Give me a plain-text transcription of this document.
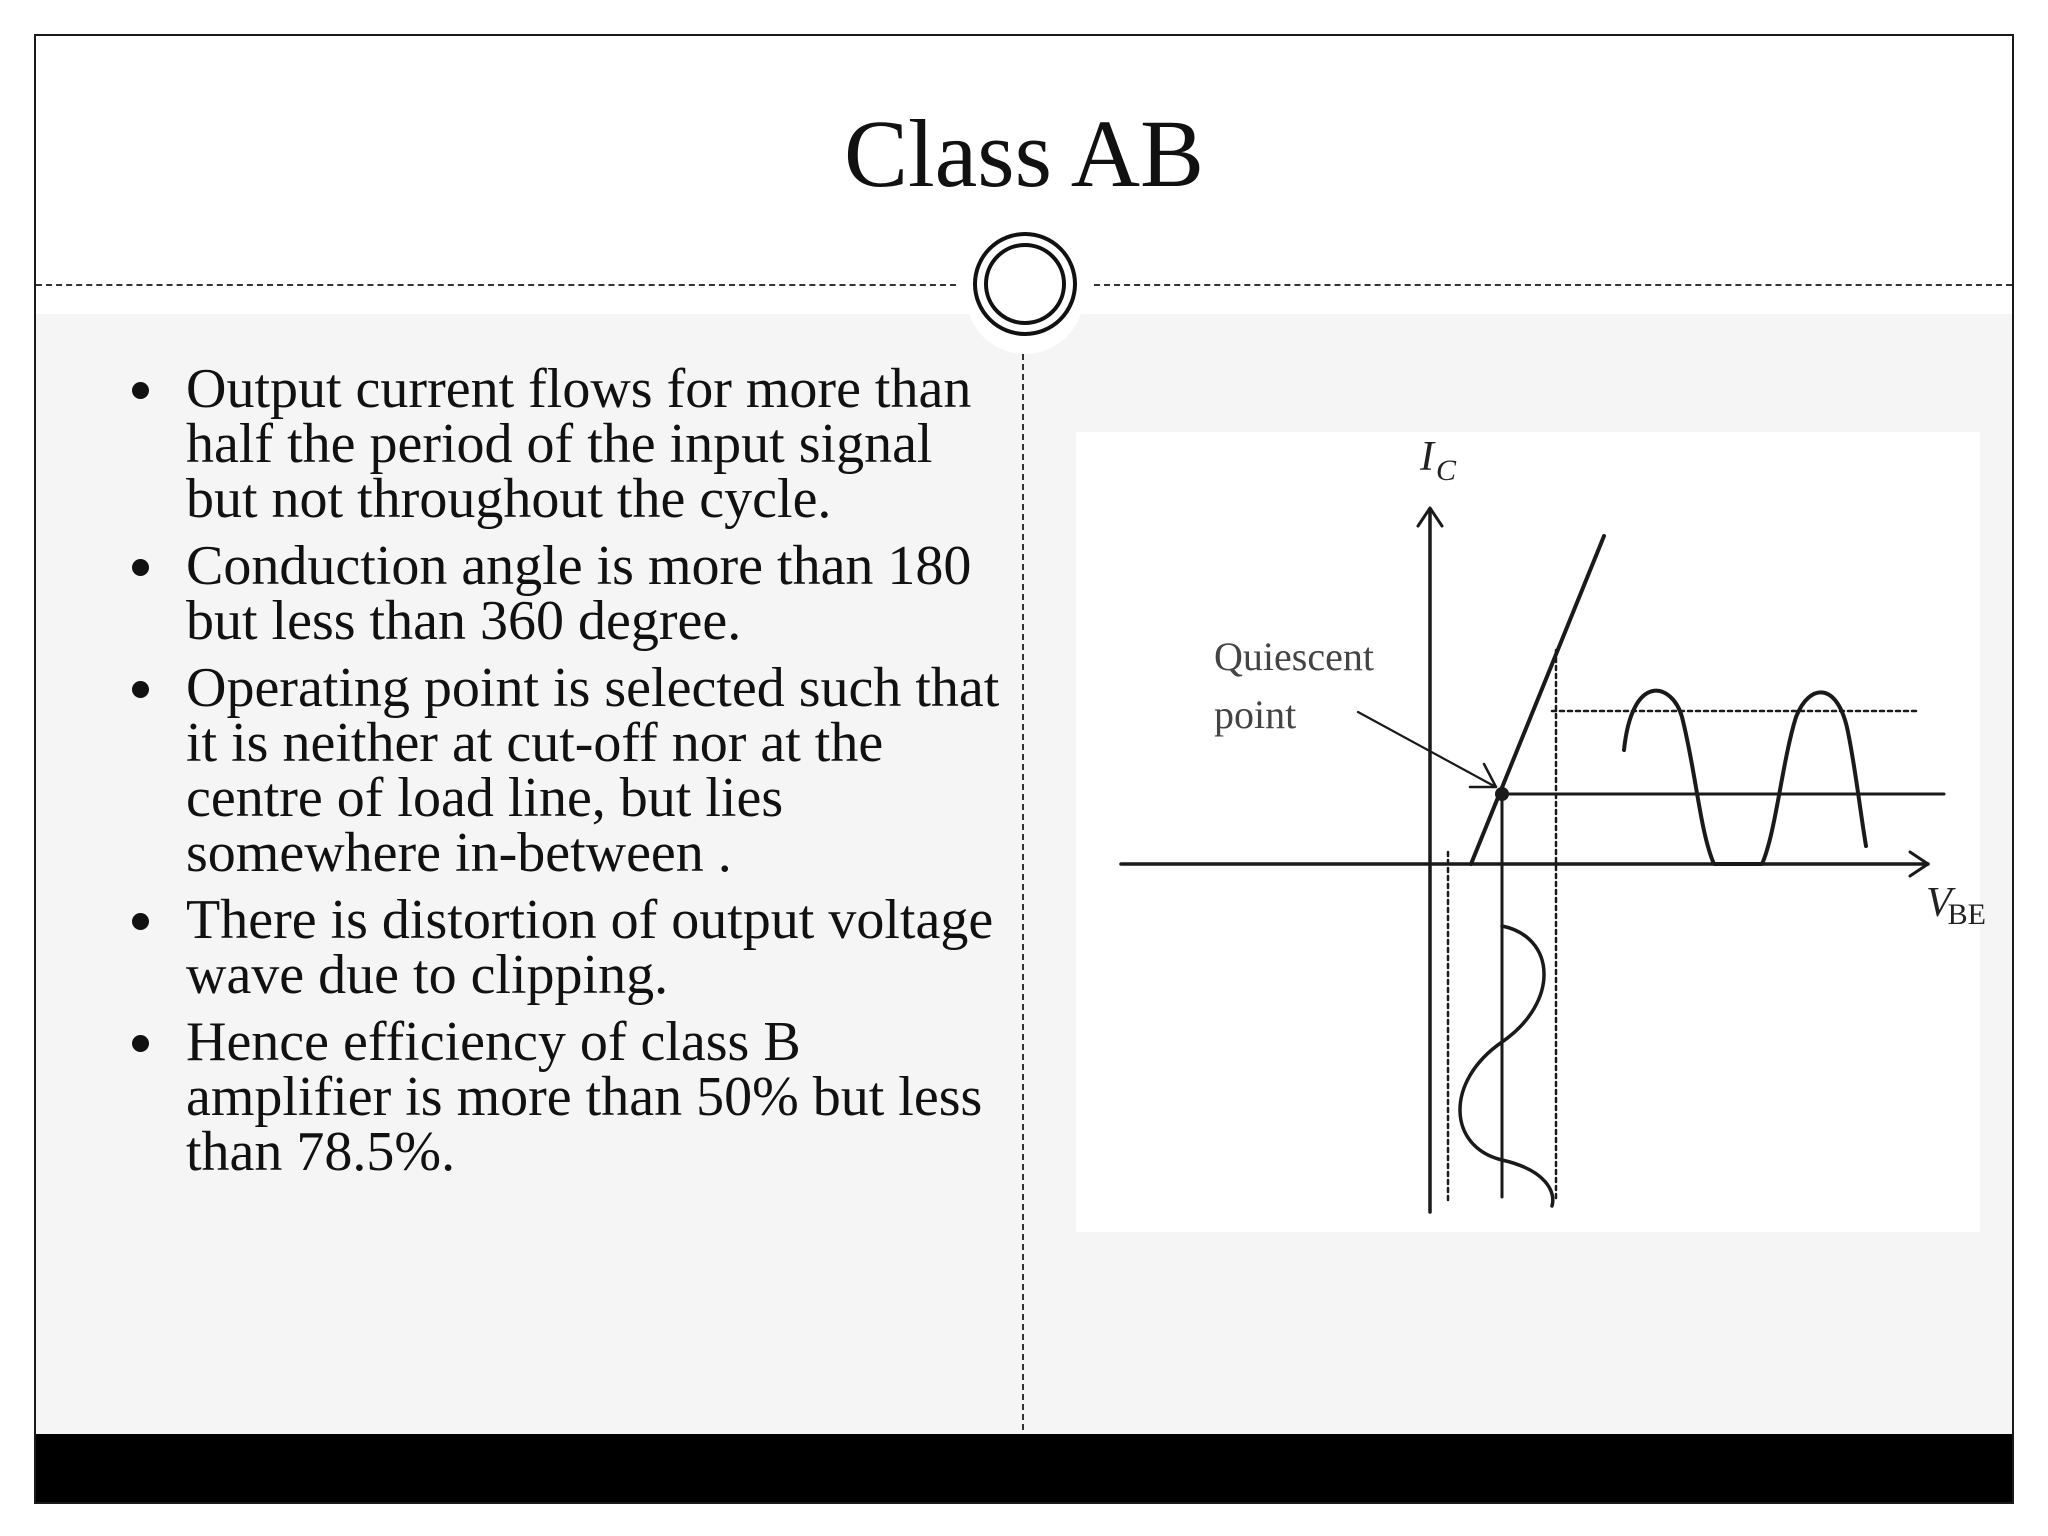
Class AB
Output current flows for more than half the period of the input signal but not throughout the cycle.
Conduction angle is more than 180 but less than 360 degree.
Operating point is selected such that it is neither at cut-off nor at the centre of load line, but lies somewhere in-between .
There is distortion of output voltage wave due to clipping.
Hence efficiency of class B amplifier is more than 50% but less than 78.5%.
$I_C$
VBE
Quiescent
point
